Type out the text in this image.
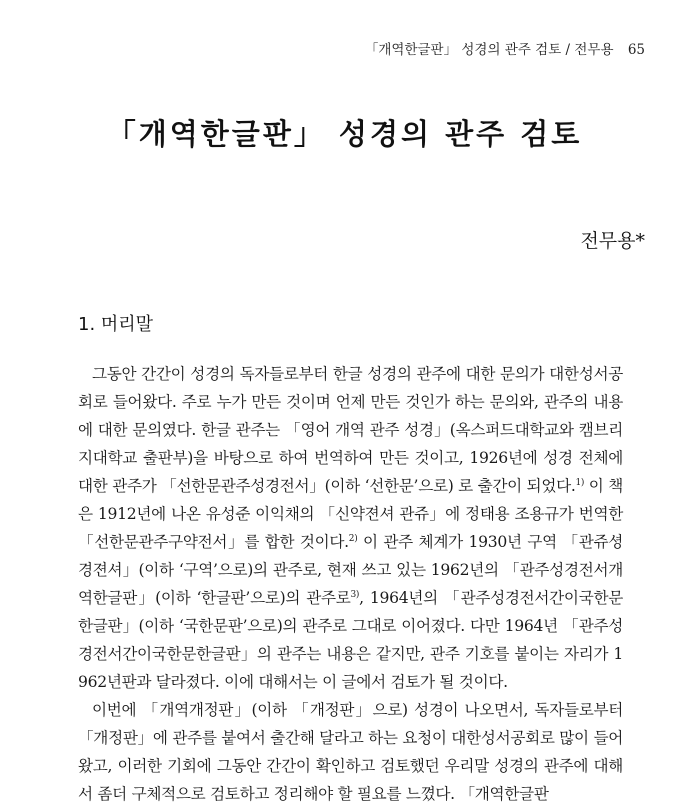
「개역한글판」 성경의 관주 검토 / 전무용 65
「개역한글판」 성경의 관주 검토
전무용*
1. 머리말

그동안 간간이 성경의 독자들로부터 한글 성경의 관주에 대한 문의가 대한성서공회로 들어왔다. 주로 누가 만든 것이며 언제 만든 것인가 하는 문의와, 관주의 내용에 대한 문의였다. 한글 관주는 「영어 개역 관주 성경」(옥스퍼드대학교와 캠브리지대학교 출판부)을 바탕으로 하여 번역하여 만든 것이고, 1926년에 성경 전체에 대한 관주가 「선한문관주성경전서」(이하 ‘선한문’으로) 로 출간이 되었다.$^{1)}$ 이 책은 1912년에 나온 유성준 이익채의 「신약젼셔 관쥬」에 정태용 조용규가 번역한 「선한문관주구약전서」를 합한 것이다.$^{2)}$ 이 관주 체계가 1930년 구역 「관쥬셩경젼셔」(이하 ‘구역’으로)의 관주로, 현재 쓰고 있는 1962년의 「관주성경전서개역한글판」(이하 ‘한글판’으로)의 관주로$^{3)}$, 1964년의 「관주성경전서간이국한문한글판」(이하 ‘국한문판’으로)의 관주로 그대로 이어졌다. 다만 1964년 「관주성경전서간이국한문한글판」의 관주는 내용은 같지만, 관주 기호를 붙이는 자리가 1962년판과 달라졌다. 이에 대해서는 이 글에서 검토가 될 것이다.

이번에 「개역개정판」(이하 「개정판」으로) 성경이 나오면서, 독자들로부터 「개정판」에 관주를 붙여서 출간해 달라고 하는 요청이 대한성서공회로 많이 들어왔고, 이러한 기회에 그동안 간간이 확인하고 검토했던 우리말 성경의 관주에 대해서 좀더 구체적으로 검토하고 정리해야 할 필요를 느꼈다. 「개역한글판
